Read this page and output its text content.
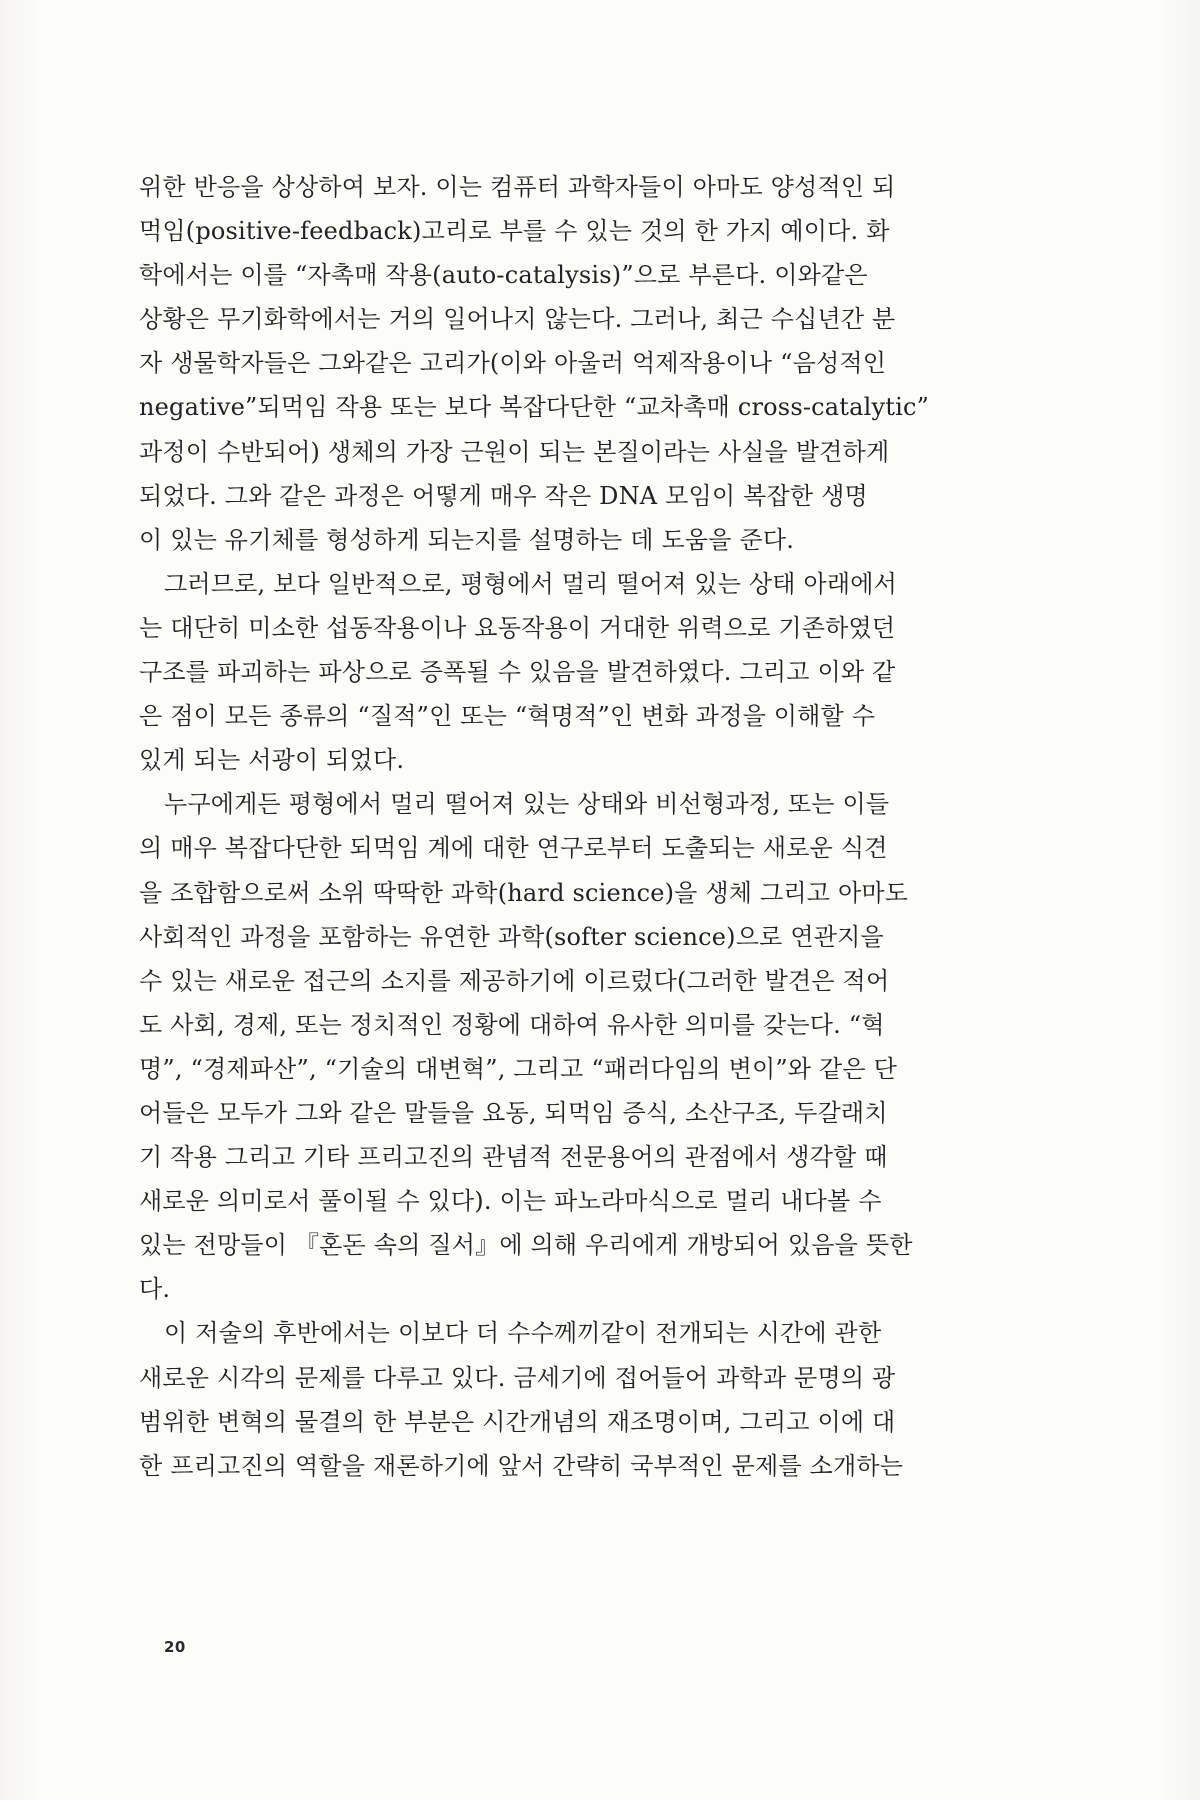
위한 반응을 상상하여 보자. 이는 컴퓨터 과학자들이 아마도 양성적인 되
먹임(positive-feedback)고리로 부를 수 있는 것의 한 가지 예이다. 화
학에서는 이를 “자촉매 작용(auto-catalysis)”으로 부른다. 이와같은
상황은 무기화학에서는 거의 일어나지 않는다. 그러나, 최근 수십년간 분
자 생물학자들은 그와같은 고리가(이와 아울러 억제작용이나 “음성적인
negative”되먹임 작용 또는 보다 복잡다단한 “교차촉매 cross-catalytic”
과정이 수반되어) 생체의 가장 근원이 되는 본질이라는 사실을 발견하게
되었다. 그와 같은 과정은 어떻게 매우 작은 DNA 모임이 복잡한 생명
이 있는 유기체를 형성하게 되는지를 설명하는 데 도움을 준다.
그러므로, 보다 일반적으로, 평형에서 멀리 떨어져 있는 상태 아래에서
는 대단히 미소한 섭동작용이나 요동작용이 거대한 위력으로 기존하였던
구조를 파괴하는 파상으로 증폭될 수 있음을 발견하였다. 그리고 이와 같
은 점이 모든 종류의 “질적”인 또는 “혁명적”인 변화 과정을 이해할 수
있게 되는 서광이 되었다.
누구에게든 평형에서 멀리 떨어져 있는 상태와 비선형과정, 또는 이들
의 매우 복잡다단한 되먹임 계에 대한 연구로부터 도출되는 새로운 식견
을 조합함으로써 소위 딱딱한 과학(hard science)을 생체 그리고 아마도
사회적인 과정을 포함하는 유연한 과학(softer science)으로 연관지을
수 있는 새로운 접근의 소지를 제공하기에 이르렀다(그러한 발견은 적어
도 사회, 경제, 또는 정치적인 정황에 대하여 유사한 의미를 갖는다. “혁
명”, “경제파산”, “기술의 대변혁”, 그리고 “패러다임의 변이”와 같은 단
어들은 모두가 그와 같은 말들을 요동, 되먹임 증식, 소산구조, 두갈래치
기 작용 그리고 기타 프리고진의 관념적 전문용어의 관점에서 생각할 때
새로운 의미로서 풀이될 수 있다). 이는 파노라마식으로 멀리 내다볼 수
있는 전망들이 『혼돈 속의 질서』에 의해 우리에게 개방되어 있음을 뜻한
다.
이 저술의 후반에서는 이보다 더 수수께끼같이 전개되는 시간에 관한
새로운 시각의 문제를 다루고 있다. 금세기에 접어들어 과학과 문명의 광
범위한 변혁의 물결의 한 부분은 시간개념의 재조명이며, 그리고 이에 대
한 프리고진의 역할을 재론하기에 앞서 간략히 국부적인 문제를 소개하는
20
